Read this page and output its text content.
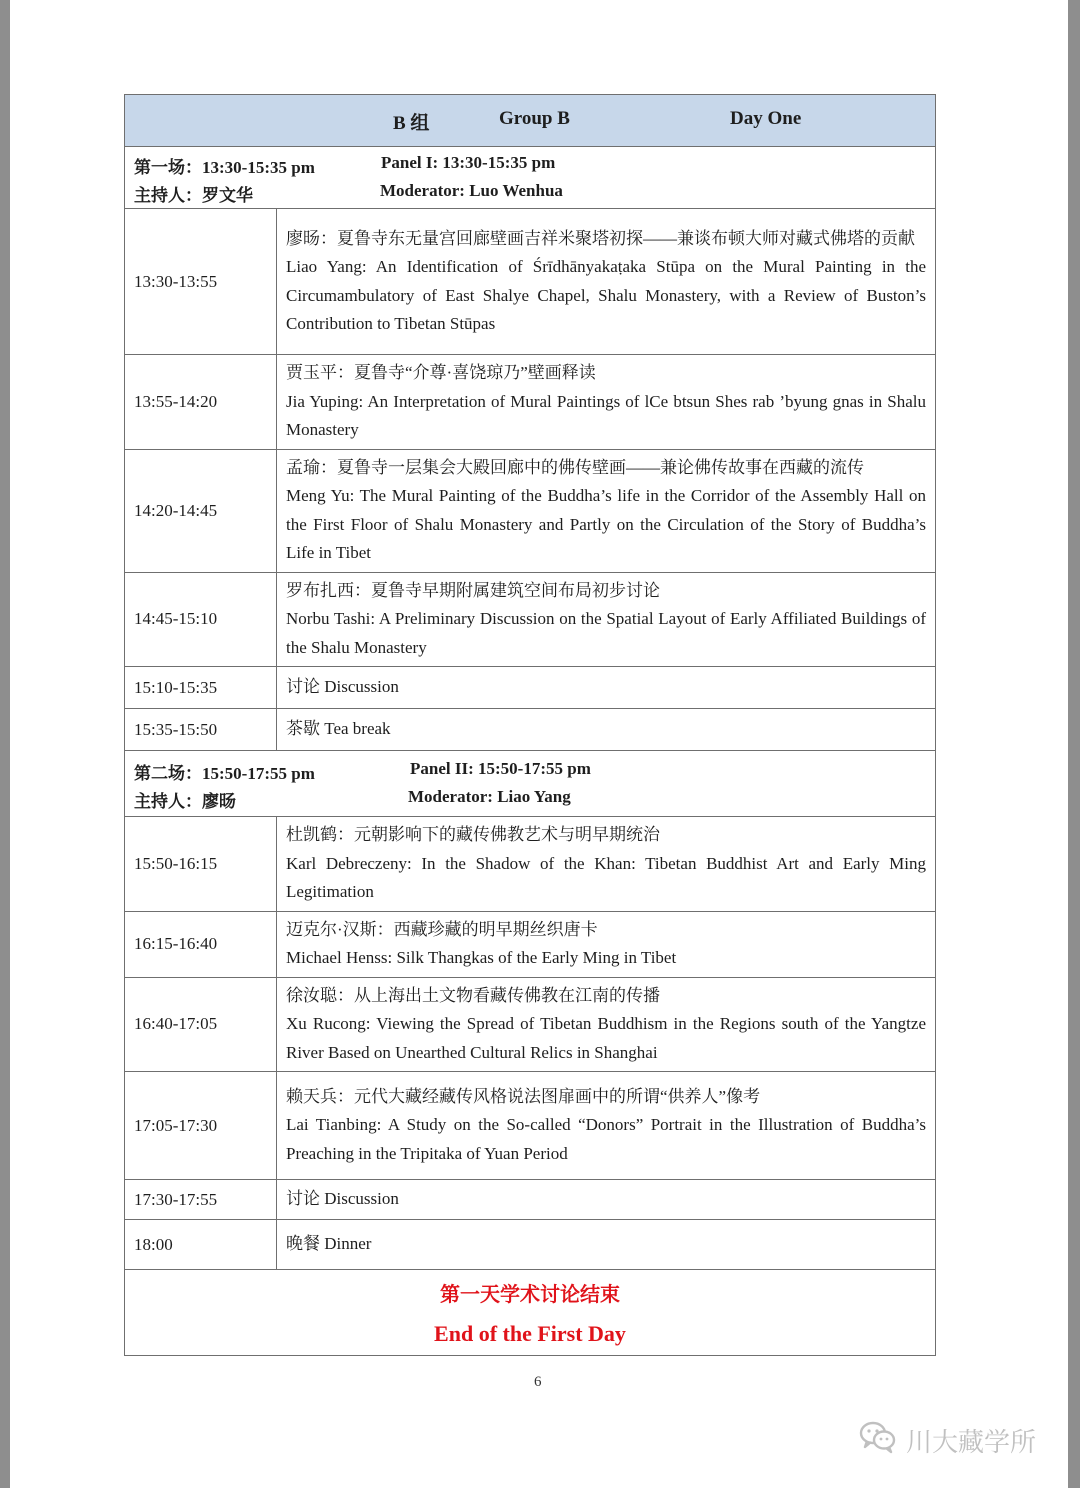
B 组 Group B Day One	

第一场：13:30-15:35 pm Panel I: 13:30-15:35 pm
主持人：罗文华 Moderator: Luo Wenhua	

13:30-13:55	廖旸：夏鲁寺东无量宫回廊壁画吉祥米聚塔初探——兼谈布顿大师对藏式佛塔的贡献
Liao Yang: An Identification of Śrīdhānyakaṭaka Stūpa on the Mural Painting in the Circumambulatory of East Shalye Chapel, Shalu Monastery, with a Review of Buston’s Contribution to Tibetan Stūpas

13:55-14:20	贾玉平：夏鲁寺“介尊·喜饶琼乃”壁画释读
Jia Yuping: An Interpretation of Mural Paintings of lCe btsun Shes rab ’byung gnas in Shalu Monastery

14:20-14:45	孟瑜：夏鲁寺一层集会大殿回廊中的佛传壁画——兼论佛传故事在西藏的流传
Meng Yu: The Mural Painting of the Buddha’s life in the Corridor of the Assembly Hall on the First Floor of Shalu Monastery and Partly on the Circulation of the Story of Buddha’s Life in Tibet

14:45-15:10	罗布扎西：夏鲁寺早期附属建筑空间布局初步讨论
Norbu Tashi: A Preliminary Discussion on the Spatial Layout of Early Affiliated Buildings of the Shalu Monastery

15:10-15:35	讨论 Discussion

15:35-15:50	茶歇 Tea break

第二场：15:50-17:55 pm Panel II: 15:50-17:55 pm
主持人：廖旸 Moderator: Liao Yang	

15:50-16:15	杜凯鹤：元朝影响下的藏传佛教艺术与明早期统治
Karl Debreczeny: In the Shadow of the Khan: Tibetan Buddhist Art and Early Ming Legitimation

16:15-16:40	迈克尔·汉斯：西藏珍藏的明早期丝织唐卡
Michael Henss: Silk Thangkas of the Early Ming in Tibet

16:40-17:05	徐汝聪：从上海出土文物看藏传佛教在江南的传播
Xu Rucong: Viewing the Spread of Tibetan Buddhism in the Regions south of the Yangtze River Based on Unearthed Cultural Relics in Shanghai

17:05-17:30	赖天兵：元代大藏经藏传风格说法图扉画中的所谓“供养人”像考
Lai Tianbing: A Study on the So-called “Donors” Portrait in the Illustration of Buddha’s Preaching in the Tripitaka of Yuan Period

17:30-17:55	讨论 Discussion

18:00	晚餐 Dinner

第一天学术讨论结束
End of the First Day	
6
川大藏学所
